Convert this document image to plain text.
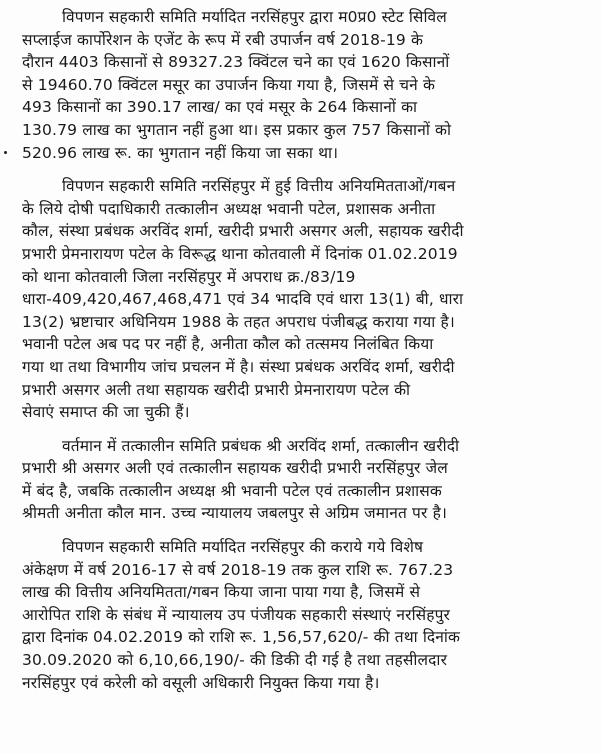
विपणन सहकारी समिति मर्यादित नरसिंहपुर द्वारा म0प्र0 स्टेट सिविल
सप्लाईज कार्पोरेशन के एजेंट के रूप में रबी उपार्जन वर्ष 2018-19 के
दौरान 4403 किसानों से 89327.23 क्विंटल चने का एवं 1620 किसानों
से 19460.70 क्विंटल मसूर का उपार्जन किया गया है, जिसमें से चने के
493 किसानों का 390.17 लाख/ का एवं मसूर के 264 किसानों का
130.79 लाख का भुगतान नहीं हुआ था। इस प्रकार कुल 757 किसानों को
520.96 लाख रू. का भुगतान नहीं किया जा सका था।
विपणन सहकारी समिति नरसिंहपुर में हुई वित्तीय अनियमितताओं/गबन
के लिये दोषी पदाधिकारी तत्कालीन अध्यक्ष भवानी पटेल, प्रशासक अनीता
कौल, संस्था प्रबंधक अरविंद शर्मा, खरीदी प्रभारी असगर अली, सहायक खरीदी
प्रभारी प्रेमनारायण पटेल के विरूद्ध थाना कोतवाली में दिनांक 01.02.2019
को थाना कोतवाली जिला नरसिंहपुर में अपराध क्र./83/19
धारा-409,420,467,468,471 एवं 34 भादवि एवं धारा 13(1) बी, धारा
13(2) भ्रष्टाचार अधिनियम 1988 के तहत अपराध पंजीबद्ध कराया गया है।
भवानी पटेल अब पद पर नहीं है, अनीता कौल को तत्समय निलंबित किया
गया था तथा विभागीय जांच प्रचलन में है। संस्था प्रबंधक अरविंद शर्मा, खरीदी
प्रभारी असगर अली तथा सहायक खरीदी प्रभारी प्रेमनारायण पटेल की
सेवाएं समाप्त की जा चुकी हैं।
वर्तमान में तत्कालीन समिति प्रबंधक श्री अरविंद शर्मा, तत्कालीन खरीदी
प्रभारी श्री असगर अली एवं तत्कालीन सहायक खरीदी प्रभारी नरसिंहपुर जेल
में बंद है, जबकि तत्कालीन अध्यक्ष श्री भवानी पटेल एवं तत्कालीन प्रशासक
श्रीमती अनीता कौल मान. उच्च न्यायालय जबलपुर से अग्रिम जमानत पर है।
विपणन सहकारी समिति मर्यादित नरसिंहपुर की कराये गये विशेष
अंकेक्षण में वर्ष 2016-17 से वर्ष 2018-19 तक कुल राशि रू. 767.23
लाख की वित्तीय अनियमितता/गबन किया जाना पाया गया है, जिसमें से
आरोपित राशि के संबंध में न्यायालय उप पंजीयक सहकारी संस्थाएं नरसिंहपुर
द्वारा दिनांक 04.02.2019 को राशि रू. 1,56,57,620/- की तथा दिनांक
30.09.2020 को 6,10,66,190/- की डिकी दी गई है तथा तहसीलदार
नरसिंहपुर एवं करेली को वसूली अधिकारी नियुक्त किया गया है।
